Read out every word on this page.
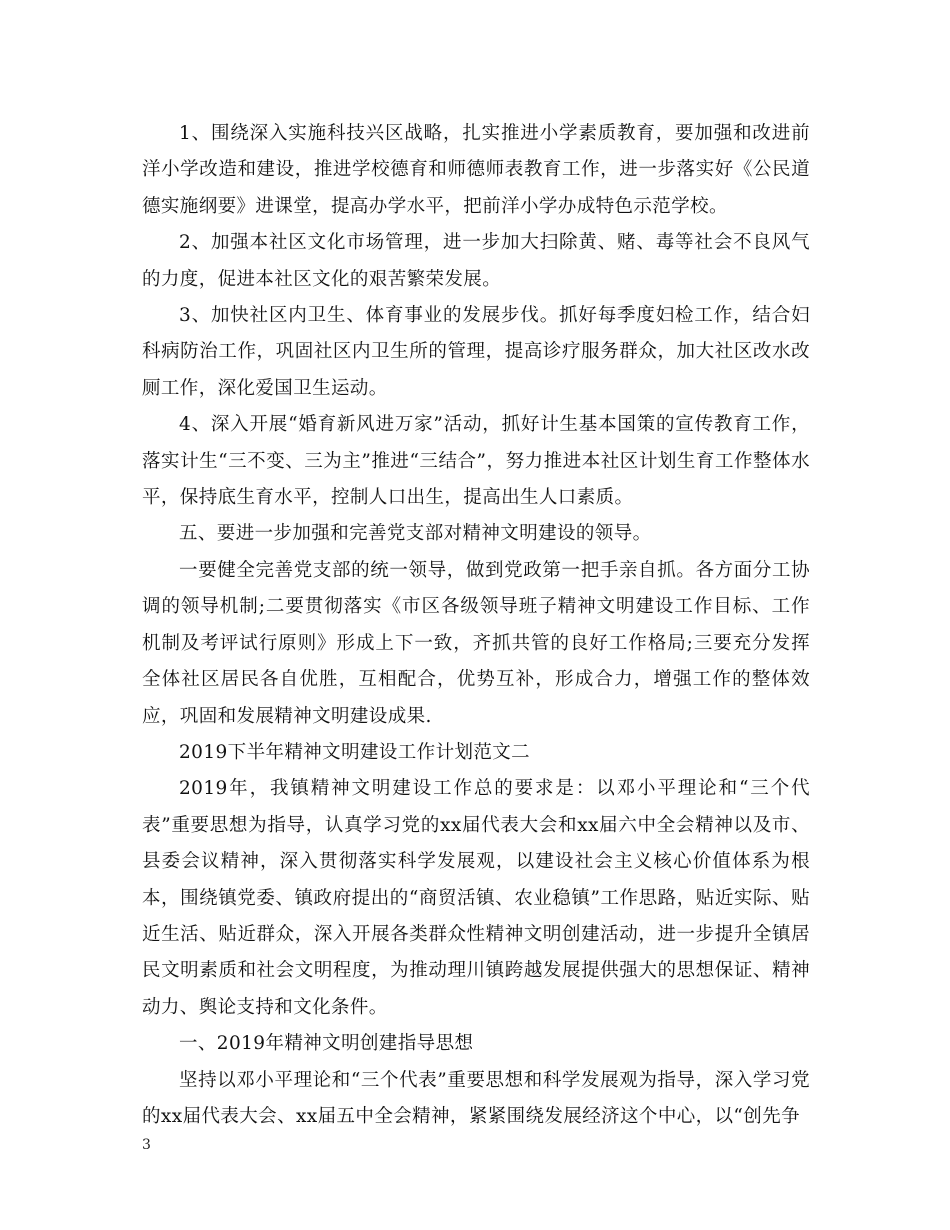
1、围绕深入实施科技兴区战略，扎实推进小学素质教育，要加强和改进前洋小学改造和建设，推进学校德育和师德师表教育工作，进一步落实好《公民道德实施纲要》进课堂，提高办学水平，把前洋小学办成特色示范学校。

2、加强本社区文化市场管理，进一步加大扫除黄、赌、毒等社会不良风气的力度，促进本社区文化的艰苦繁荣发展。

3、加快社区内卫生、体育事业的发展步伐。抓好每季度妇检工作，结合妇科病防治工作，巩固社区内卫生所的管理，提高诊疗服务群众，加大社区改水改厕工作，深化爱国卫生运动。

4、深入开展“婚育新风进万家”活动，抓好计生基本国策的宣传教育工作，落实计生“三不变、三为主”推进“三结合”，努力推进本社区计划生育工作整体水平，保持底生育水平，控制人口出生，提高出生人口素质。

五、要进一步加强和完善党支部对精神文明建设的领导。

一要健全完善党支部的统一领导，做到党政第一把手亲自抓。各方面分工协调的领导机制;二要贯彻落实《市区各级领导班子精神文明建设工作目标、工作机制及考评试行原则》形成上下一致，齐抓共管的良好工作格局;三要充分发挥全体社区居民各自优胜，互相配合，优势互补，形成合力，增强工作的整体效应，巩固和发展精神文明建设成果.

2019下半年精神文明建设工作计划范文二

2019年，我镇精神文明建设工作总的要求是：以邓小平理论和“三个代表”重要思想为指导，认真学习党的xx届代表大会和xx届六中全会精神以及市、县委会议精神，深入贯彻落实科学发展观，以建设社会主义核心价值体系为根本，围绕镇党委、镇政府提出的“商贸活镇、农业稳镇”工作思路，贴近实际、贴近生活、贴近群众，深入开展各类群众性精神文明创建活动，进一步提升全镇居民文明素质和社会文明程度，为推动理川镇跨越发展提供强大的思想保证、精神动力、舆论支持和文化条件。

一、2019年精神文明创建指导思想

坚持以邓小平理论和“三个代表”重要思想和科学发展观为指导，深入学习党的xx届代表大会、xx届五中全会精神，紧紧围绕发展经济这个中心，以“创先争

3
